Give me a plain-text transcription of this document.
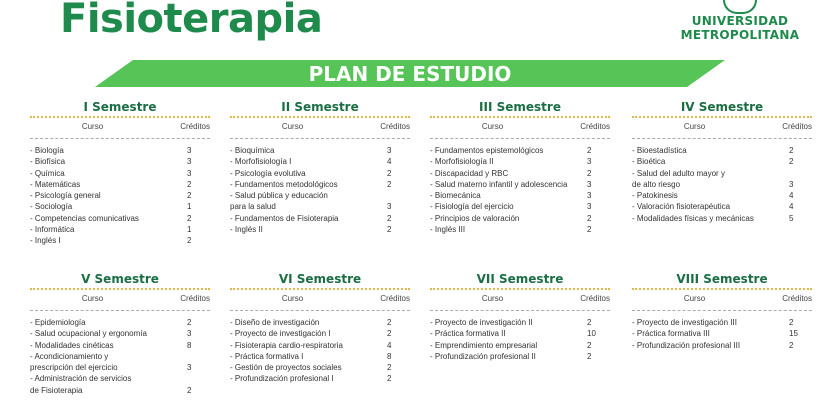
Fisioterapia	UNIVERSIDAD
METROPOLITANA
PLAN DE ESTUDIO
I Semestre
Curso	Créditos
- Biología	3
- Biofísica	3
- Química	3
- Matemáticas	2
- Psicología general	2
- Sociología	1
- Competencias comunicativas	2
- Informática	1
- Inglés I	2
II Semestre
Curso	Créditos
- Bioquímica	3
- Morfofisiología I	4
- Psicología evolutiva	2
- Fundamentos metodológicos	2
- Salud pública y educación
para la salud	3
- Fundamentos de Fisioterapia	2
- Inglés II	2
III Semestre
Curso	Créditos
- Fundamentos epistemológicos	2
- Morfofisiología II	3
- Discapacidad y RBC	2
- Salud materno infantil y adolescencia	3
- Biomecánica	3
- Fisiología del ejercicio	3
- Principios de valoración	2
- Inglés III	2
IV Semestre
Curso	Créditos
- Bioestadística	2
- Bioética	2
- Salud del adulto mayor y
de alto riesgo	3
- Patokinesis	4
- Valoración fisioterapéutica	4
- Modalidades físicas y mecánicas	5
V Semestre
Curso	Créditos
- Epidemiología	2
- Salud ocupacional y ergonomía	3
- Modalidades cinéticas	8
- Acondicionamiento y
prescripción del ejercicio	3
- Administración de servicios
de Fisioterapia	2
VI Semestre
Curso	Créditos
- Diseño de investigación	2
- Proyecto de investigación I	2
- Fisioterapia cardio-respiratoria	4
- Práctica formativa I	8
- Gestión de proyectos sociales	2
- Profundización profesional I	2
VII Semestre
Curso	Créditos
- Proyecto de investigación II	2
- Práctica formativa II	10
- Emprendimiento empresarial	2
- Profundización profesional II	2
VIII Semestre
Curso	Créditos
- Proyecto de investigación III	2
- Práctica formativa III	15
- Profundización profesional III	2
